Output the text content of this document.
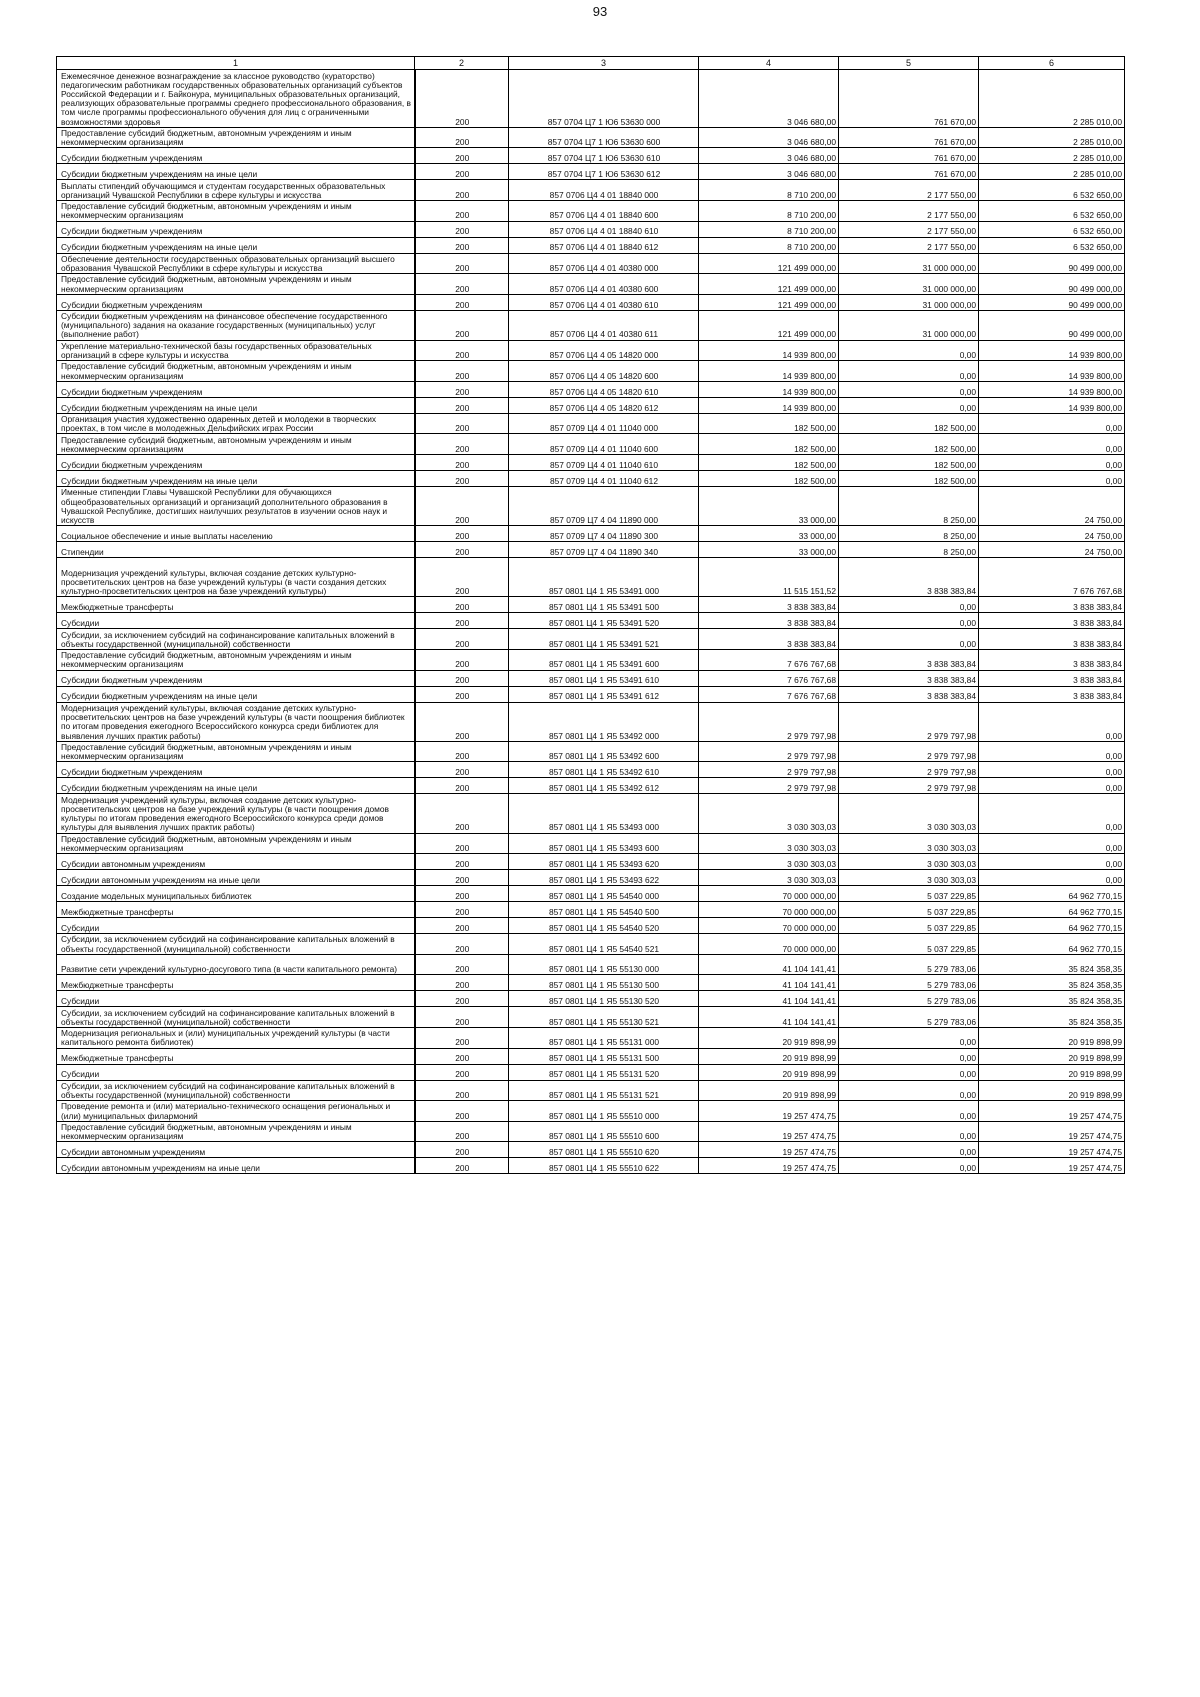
93
1	2	3	4	5	6
Ежемесячное денежное вознаграждение за классное руководство (кураторство) педагогическим работникам государственных образовательных организаций субъектов Российской Федерации и г. Байконура, муниципальных образовательных организаций, реализующих образовательные программы среднего профессионального образования, в том числе программы профессионального обучения для лиц с ограниченными возможностями здоровья	200	857 0704 Ц7 1 Ю6 53630 000	3 046 680,00	761 670,00	2 285 010,00
Предоставление субсидий бюджетным, автономным учреждениям и иным некоммерческим организациям	200	857 0704 Ц7 1 Ю6 53630 600	3 046 680,00	761 670,00	2 285 010,00
Субсидии бюджетным учреждениям	200	857 0704 Ц7 1 Ю6 53630 610	3 046 680,00	761 670,00	2 285 010,00
Субсидии бюджетным учреждениям на иные цели	200	857 0704 Ц7 1 Ю6 53630 612	3 046 680,00	761 670,00	2 285 010,00
Выплаты стипендий обучающимся и студентам государственных образовательных организаций Чувашской Республики в сфере культуры и искусства	200	857 0706 Ц4 4 01 18840 000	8 710 200,00	2 177 550,00	6 532 650,00
Предоставление субсидий бюджетным, автономным учреждениям и иным некоммерческим организациям	200	857 0706 Ц4 4 01 18840 600	8 710 200,00	2 177 550,00	6 532 650,00
Субсидии бюджетным учреждениям	200	857 0706 Ц4 4 01 18840 610	8 710 200,00	2 177 550,00	6 532 650,00
Субсидии бюджетным учреждениям на иные цели	200	857 0706 Ц4 4 01 18840 612	8 710 200,00	2 177 550,00	6 532 650,00
Обеспечение деятельности государственных образовательных организаций высшего образования Чувашской Республики в сфере культуры и искусства	200	857 0706 Ц4 4 01 40380 000	121 499 000,00	31 000 000,00	90 499 000,00
Предоставление субсидий бюджетным, автономным учреждениям и иным некоммерческим организациям	200	857 0706 Ц4 4 01 40380 600	121 499 000,00	31 000 000,00	90 499 000,00
Субсидии бюджетным учреждениям	200	857 0706 Ц4 4 01 40380 610	121 499 000,00	31 000 000,00	90 499 000,00
Субсидии бюджетным учреждениям на финансовое обеспечение государственного (муниципального) задания на оказание государственных (муниципальных) услуг (выполнение работ)	200	857 0706 Ц4 4 01 40380 611	121 499 000,00	31 000 000,00	90 499 000,00
Укрепление материально-технической базы государственных образовательных организаций в сфере культуры и искусства	200	857 0706 Ц4 4 05 14820 000	14 939 800,00	0,00	14 939 800,00
Предоставление субсидий бюджетным, автономным учреждениям и иным некоммерческим организациям	200	857 0706 Ц4 4 05 14820 600	14 939 800,00	0,00	14 939 800,00
Субсидии бюджетным учреждениям	200	857 0706 Ц4 4 05 14820 610	14 939 800,00	0,00	14 939 800,00
Субсидии бюджетным учреждениям на иные цели	200	857 0706 Ц4 4 05 14820 612	14 939 800,00	0,00	14 939 800,00
Организация участия художественно одаренных детей и молодежи в творческих проектах, в том числе в молодежных Дельфийских играх России	200	857 0709 Ц4 4 01 11040 000	182 500,00	182 500,00	0,00
Предоставление субсидий бюджетным, автономным учреждениям и иным некоммерческим организациям	200	857 0709 Ц4 4 01 11040 600	182 500,00	182 500,00	0,00
Субсидии бюджетным учреждениям	200	857 0709 Ц4 4 01 11040 610	182 500,00	182 500,00	0,00
Субсидии бюджетным учреждениям на иные цели	200	857 0709 Ц4 4 01 11040 612	182 500,00	182 500,00	0,00
Именные стипендии Главы Чувашской Республики для обучающихся общеобразовательных организаций и организаций дополнительного образования в Чувашской Республике, достигших наилучших результатов в изучении основ наук и искусств	200	857 0709 Ц7 4 04 11890 000	33 000,00	8 250,00	24 750,00
Социальное обеспечение и иные выплаты населению	200	857 0709 Ц7 4 04 11890 300	33 000,00	8 250,00	24 750,00
Стипендии	200	857 0709 Ц7 4 04 11890 340	33 000,00	8 250,00	24 750,00
Модернизация учреждений культуры, включая создание детских культурно-просветительских центров на базе учреждений культуры (в части создания детских культурно-просветительских центров на базе учреждений культуры)	200	857 0801 Ц4 1 Я5 53491 000	11 515 151,52	3 838 383,84	7 676 767,68
Межбюджетные трансферты	200	857 0801 Ц4 1 Я5 53491 500	3 838 383,84	0,00	3 838 383,84
Субсидии	200	857 0801 Ц4 1 Я5 53491 520	3 838 383,84	0,00	3 838 383,84
Субсидии, за исключением субсидий на софинансирование капитальных вложений в объекты государственной (муниципальной) собственности	200	857 0801 Ц4 1 Я5 53491 521	3 838 383,84	0,00	3 838 383,84
Предоставление субсидий бюджетным, автономным учреждениям и иным некоммерческим организациям	200	857 0801 Ц4 1 Я5 53491 600	7 676 767,68	3 838 383,84	3 838 383,84
Субсидии бюджетным учреждениям	200	857 0801 Ц4 1 Я5 53491 610	7 676 767,68	3 838 383,84	3 838 383,84
Субсидии бюджетным учреждениям на иные цели	200	857 0801 Ц4 1 Я5 53491 612	7 676 767,68	3 838 383,84	3 838 383,84
Модернизация учреждений культуры, включая создание детских культурно-просветительских центров на базе учреждений культуры (в части поощрения библиотек по итогам проведения ежегодного Всероссийского конкурса среди библиотек для выявления лучших практик работы)	200	857 0801 Ц4 1 Я5 53492 000	2 979 797,98	2 979 797,98	0,00
Предоставление субсидий бюджетным, автономным учреждениям и иным некоммерческим организациям	200	857 0801 Ц4 1 Я5 53492 600	2 979 797,98	2 979 797,98	0,00
Субсидии бюджетным учреждениям	200	857 0801 Ц4 1 Я5 53492 610	2 979 797,98	2 979 797,98	0,00
Субсидии бюджетным учреждениям на иные цели	200	857 0801 Ц4 1 Я5 53492 612	2 979 797,98	2 979 797,98	0,00
Модернизация учреждений культуры, включая создание детских культурно-просветительских центров на базе учреждений культуры (в части поощрения домов культуры по итогам проведения ежегодного Всероссийского конкурса среди домов культуры для выявления лучших практик работы)	200	857 0801 Ц4 1 Я5 53493 000	3 030 303,03	3 030 303,03	0,00
Предоставление субсидий бюджетным, автономным учреждениям и иным некоммерческим организациям	200	857 0801 Ц4 1 Я5 53493 600	3 030 303,03	3 030 303,03	0,00
Субсидии автономным учреждениям	200	857 0801 Ц4 1 Я5 53493 620	3 030 303,03	3 030 303,03	0,00
Субсидии автономным учреждениям на иные цели	200	857 0801 Ц4 1 Я5 53493 622	3 030 303,03	3 030 303,03	0,00
Создание модельных муниципальных библиотек	200	857 0801 Ц4 1 Я5 54540 000	70 000 000,00	5 037 229,85	64 962 770,15
Межбюджетные трансферты	200	857 0801 Ц4 1 Я5 54540 500	70 000 000,00	5 037 229,85	64 962 770,15
Субсидии	200	857 0801 Ц4 1 Я5 54540 520	70 000 000,00	5 037 229,85	64 962 770,15
Субсидии, за исключением субсидий на софинансирование капитальных вложений в объекты государственной (муниципальной) собственности	200	857 0801 Ц4 1 Я5 54540 521	70 000 000,00	5 037 229,85	64 962 770,15
Развитие сети учреждений культурно-досугового типа (в части капитального ремонта)	200	857 0801 Ц4 1 Я5 55130 000	41 104 141,41	5 279 783,06	35 824 358,35
Межбюджетные трансферты	200	857 0801 Ц4 1 Я5 55130 500	41 104 141,41	5 279 783,06	35 824 358,35
Субсидии	200	857 0801 Ц4 1 Я5 55130 520	41 104 141,41	5 279 783,06	35 824 358,35
Субсидии, за исключением субсидий на софинансирование капитальных вложений в объекты государственной (муниципальной) собственности	200	857 0801 Ц4 1 Я5 55130 521	41 104 141,41	5 279 783,06	35 824 358,35
Модернизация региональных и (или) муниципальных учреждений культуры (в части капитального ремонта библиотек)	200	857 0801 Ц4 1 Я5 55131 000	20 919 898,99	0,00	20 919 898,99
Межбюджетные трансферты	200	857 0801 Ц4 1 Я5 55131 500	20 919 898,99	0,00	20 919 898,99
Субсидии	200	857 0801 Ц4 1 Я5 55131 520	20 919 898,99	0,00	20 919 898,99
Субсидии, за исключением субсидий на софинансирование капитальных вложений в объекты государственной (муниципальной) собственности	200	857 0801 Ц4 1 Я5 55131 521	20 919 898,99	0,00	20 919 898,99
Проведение ремонта и (или) материально-технического оснащения региональных и (или) муниципальных филармоний	200	857 0801 Ц4 1 Я5 55510 000	19 257 474,75	0,00	19 257 474,75
Предоставление субсидий бюджетным, автономным учреждениям и иным некоммерческим организациям	200	857 0801 Ц4 1 Я5 55510 600	19 257 474,75	0,00	19 257 474,75
Субсидии автономным учреждениям	200	857 0801 Ц4 1 Я5 55510 620	19 257 474,75	0,00	19 257 474,75
Субсидии автономным учреждениям на иные цели	200	857 0801 Ц4 1 Я5 55510 622	19 257 474,75	0,00	19 257 474,75
